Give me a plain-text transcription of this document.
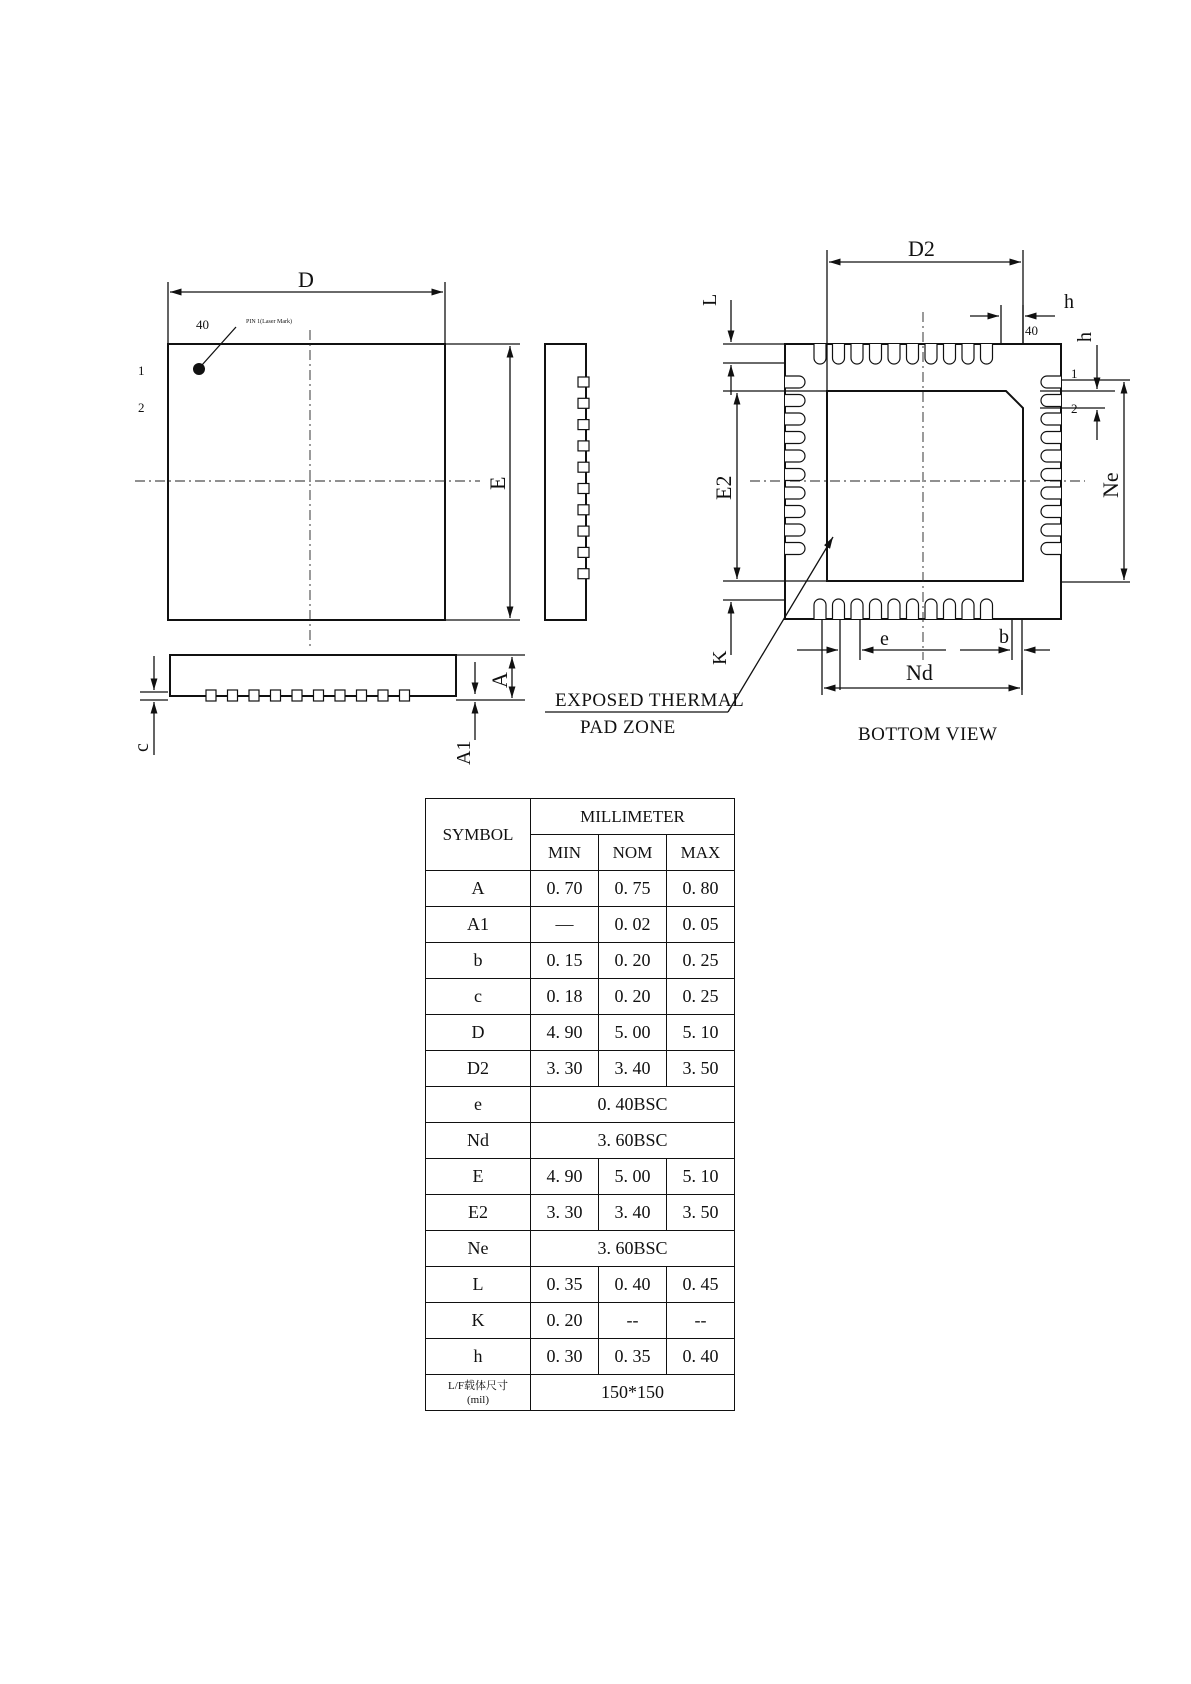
40	PIN 1(Laser Mark)
1
2
D
E
c
A
A1
D2
L
E2
K
h
40 h
1
2
Ne
e	b
Nd
EXPOSED THERMAL
PAD ZONE	BOTTOM VIEW
SYMBOL	MILLIMETER		
	MIN	NOM	MAX
A	0. 70	0. 75	0. 80
A1	—	0. 02	0. 05
b	0. 15	0. 20	0. 25
c	0. 18	0. 20	0. 25
D	4. 90	5. 00	5. 10
D2	3. 30	3. 40	3. 50
e	0. 40BSC		
Nd	3. 60BSC		
E	4. 90	5. 00	5. 10
E2	3. 30	3. 40	3. 50
Ne	3. 60BSC		
L	0. 35	0. 40	0. 45
K	0. 20	--	--
h	0. 30	0. 35	0. 40

L/F载体尺寸
(mil)	150*150		
